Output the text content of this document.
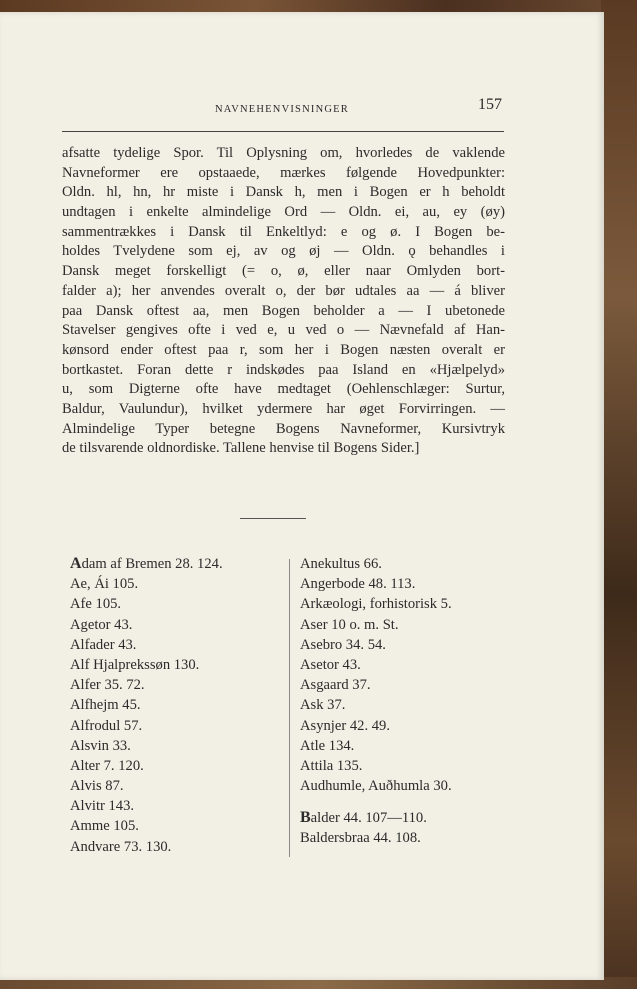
NAVNEHENVISNINGER	157
afsatte tydelige Spor. Til Oplysning om, hvorledes de vaklende
Navneformer ere opstaaede, mærkes følgende Hovedpunkter:
Oldn. hl, hn, hr miste i Dansk h, men i Bogen er h beholdt
undtagen i enkelte almindelige Ord — Oldn. ei, au, ey (øy)
sammentrækkes i Dansk til Enkeltlyd: e og ø. I Bogen be-
holdes Tvelydene som ej, av og øj — Oldn. ǫ behandles i
Dansk meget forskelligt (= o, ø, eller naar Omlyden bort-
falder a); her anvendes overalt o, der bør udtales aa — á bliver
paa Dansk oftest aa, men Bogen beholder a — I ubetonede
Stavelser gengives ofte i ved e, u ved o — Nævnefald af Han-
kønsord ender oftest paa r, som her i Bogen næsten overalt er
bortkastet. Foran dette r indskødes paa Island en «Hjælpelyd»
u, som Digterne ofte have medtaget (Oehlenschlæger: Surtur,
Baldur, Vaulundur), hvilket ydermere har øget Forvirringen. —
Almindelige Typer betegne Bogens Navneformer, Kursivtryk
de tilsvarende oldnordiske. Tallene henvise til Bogens Sider.]
Adam af Bremen 28. 124.
Ae, Ái 105.
Afe 105.
Agetor 43.
Alfader 43.
Alf Hjalprekssøn 130.
Alfer 35. 72.
Alfhejm 45.
Alfrodul 57.
Alsvin 33.
Alter 7. 120.
Alvis 87.
Alvitr 143.
Amme 105.
Andvare 73. 130.
Anekultus 66.
Angerbode 48. 113.
Arkæologi, forhistorisk 5.
Aser 10 o. m. St.
Asebro 34. 54.
Asetor 43.
Asgaard 37.
Ask 37.
Asynjer 42. 49.
Atle 134.
Attila 135.
Audhumle, Auðhumla 30.
Balder 44. 107—110.
Baldersbraa 44. 108.
